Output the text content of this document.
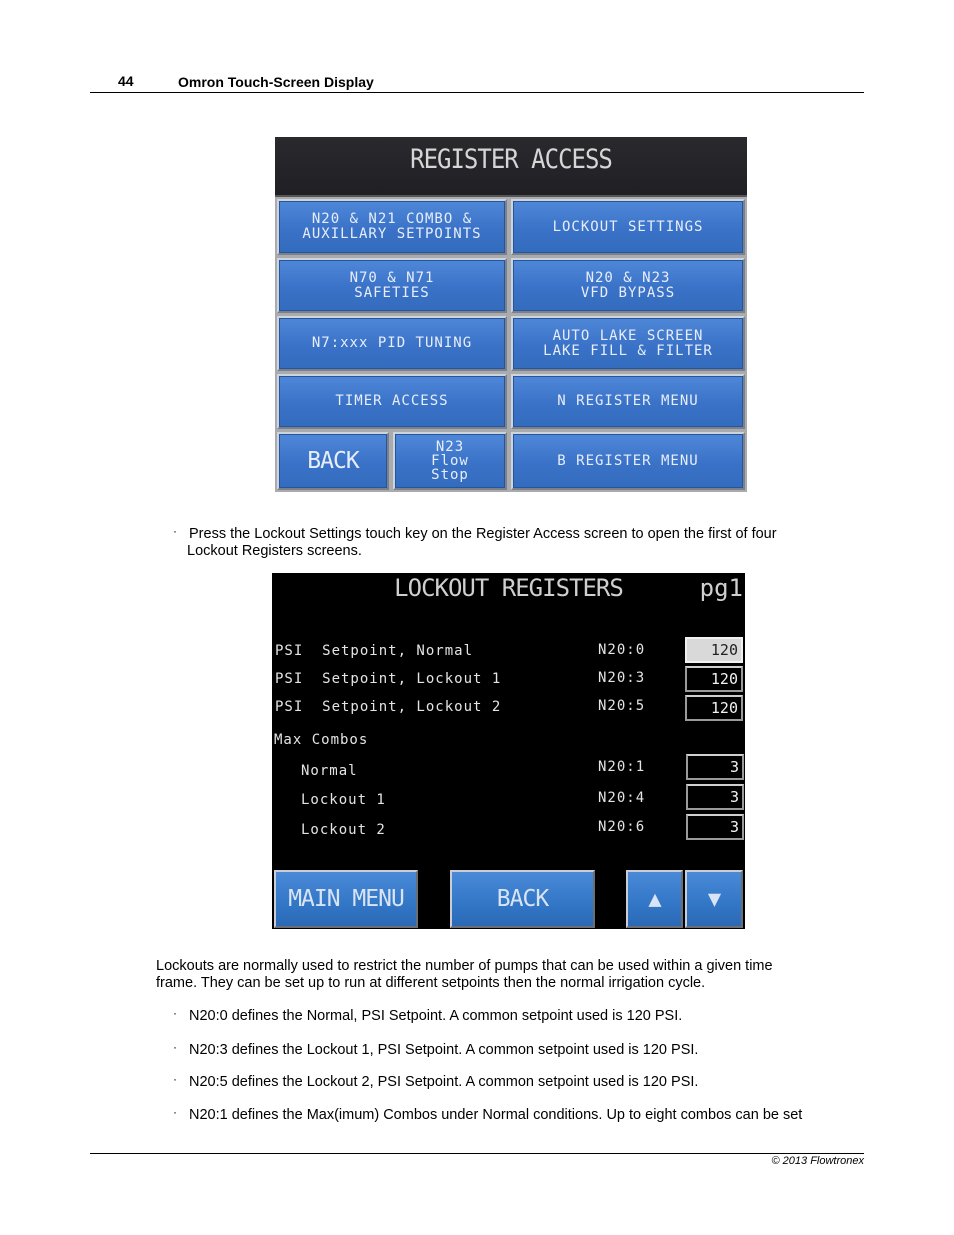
44	Omron Touch-Screen Display
REGISTER ACCESS
N20 & N21 COMBO &
AUXILLARY SETPOINTS	LOCKOUT SETTINGS
N70 & N71
SAFETIES
N20 & N23
VFD BYPASS
N7:xxx PID TUNING	AUTO LAKE SCREEN
LAKE FILL & FILTER
TIMER ACCESS	N REGISTER MENU
BACK
N23
Flow
Stop
B REGISTER MENU
· Press the Lockout Settings touch key on the Register Access screen to open the first of four
Lockout Registers screens.
LOCKOUT REGISTERS	pg1
PSI  Setpoint, Normal	N20:0	120
PSI  Setpoint, Lockout 1	N20:3	120
PSI  Setpoint, Lockout 2	N20:5	120
Max Combos
Normal	N20:1	3
Lockout 1	N20:4	3
Lockout 2	N20:6	3
MAIN MENU	BACK	▲ ▼
Lockouts are normally used to restrict the number of pumps that can be used within a given time
frame. They can be set up to run at different setpoints then the normal irrigation cycle.
· N20:0 defines the Normal, PSI Setpoint. A common setpoint used is 120 PSI.
· N20:3 defines the Lockout 1, PSI Setpoint. A common setpoint used is 120 PSI.
· N20:5 defines the Lockout 2, PSI Setpoint. A common setpoint used is 120 PSI.
· N20:1 defines the Max(imum) Combos under Normal conditions. Up to eight combos can be set
© 2013 Flowtronex
